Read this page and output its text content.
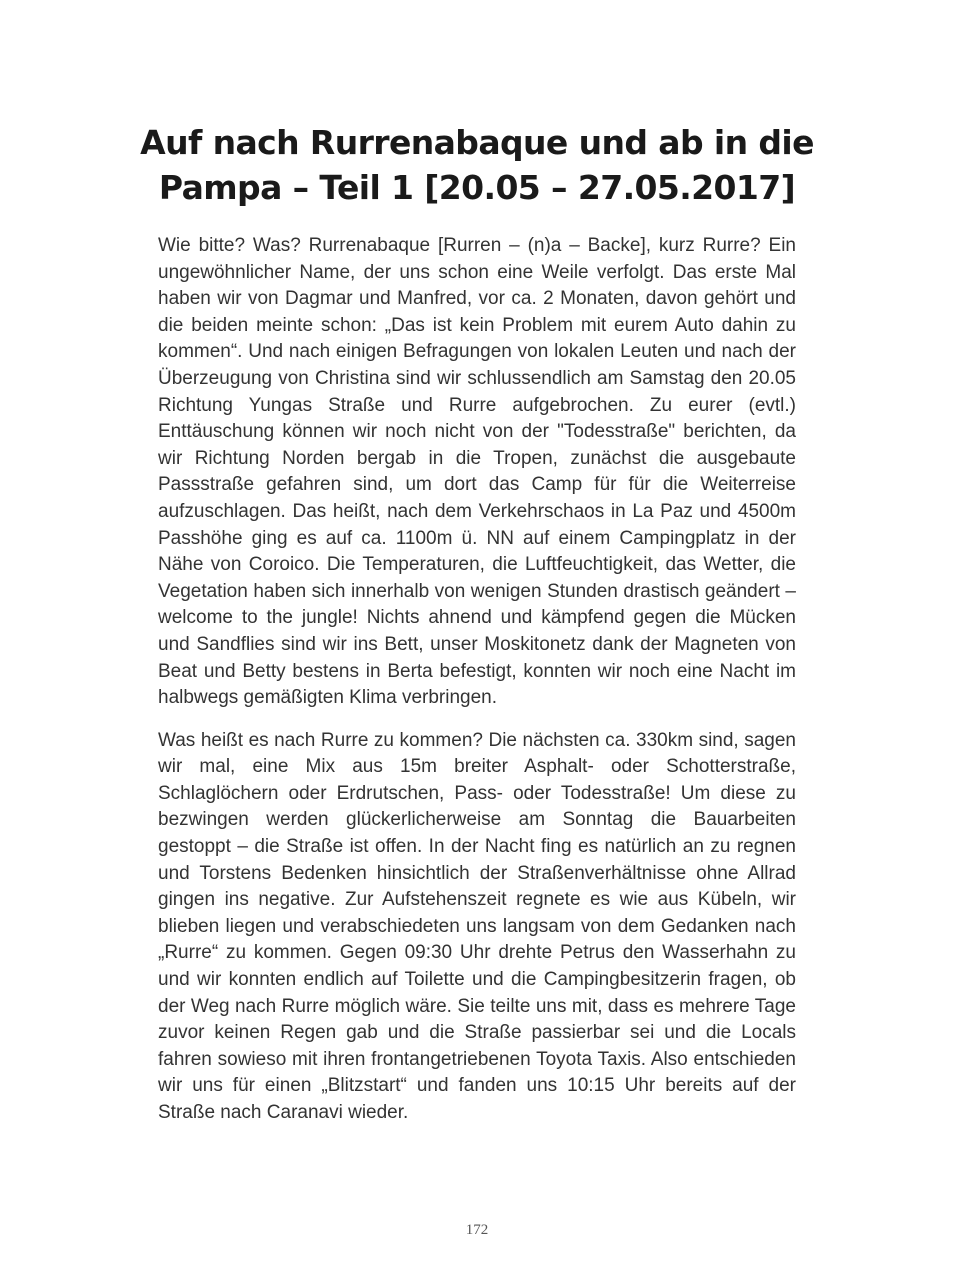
Auf nach Rurrenabaque und ab in die
Pampa – Teil 1 [20.05 – 27.05.2017]

Wie bitte? Was? Rurrenabaque [Rurren – (n)a – Backe], kurz Rurre? Ein ungewöhnlicher Name, der uns schon eine Weile verfolgt. Das erste Mal haben wir von Dagmar und Manfred, vor ca. 2 Monaten, davon gehört und die beiden meinte schon: „Das ist kein Problem mit eurem Auto dahin zu kommen“. Und nach einigen Befragungen von lokalen Leuten und nach der Überzeugung von Christina sind wir schlussendlich am Samstag den 20.05 Richtung Yungas Straße und Rurre aufgebrochen. Zu eurer (evtl.) Enttäuschung können wir noch nicht von der "Todesstraße" berichten, da wir Richtung Norden bergab in die Tropen, zunächst die ausgebaute Passstraße gefahren sind, um dort das Camp für für die Weiterreise aufzuschlagen. Das heißt, nach dem Verkehrschaos in La Paz und 4500m Passhöhe ging es auf ca. 1100m ü. NN auf einem Campingplatz in der Nähe von Coroico. Die Temperaturen, die Luftfeuchtigkeit, das Wetter, die Vegetation haben sich innerhalb von wenigen Stunden drastisch geändert – welcome to the jungle! Nichts ahnend und kämpfend gegen die Mücken und Sandflies sind wir ins Bett, unser Moskitonetz dank der Magneten von Beat und Betty bestens in Berta befestigt, konnten wir noch eine Nacht im halbwegs gemäßigten Klima verbringen.

Was heißt es nach Rurre zu kommen? Die nächsten ca. 330km sind, sagen wir mal, eine Mix aus 15m breiter Asphalt- oder Schotterstraße, Schlaglöchern oder Erdrutschen, Pass- oder Todesstraße! Um diese zu bezwingen werden glückerlicherweise am Sonntag die Bauarbeiten gestoppt – die Straße ist offen. In der Nacht fing es natürlich an zu regnen und Torstens Bedenken hinsichtlich der Straßenverhältnisse ohne Allrad gingen ins negative. Zur Aufstehenszeit regnete es wie aus Kübeln, wir blieben liegen und verabschiedeten uns langsam von dem Gedanken nach „Rurre“ zu kommen. Gegen 09:30 Uhr drehte Petrus den Wasserhahn zu und wir konnten endlich auf Toilette und die Campingbesitzerin fragen, ob der Weg nach Rurre möglich wäre. Sie teilte uns mit, dass es mehrere Tage zuvor keinen Regen gab und die Straße passierbar sei und die Locals fahren sowieso mit ihren frontangetriebenen Toyota Taxis. Also entschieden wir uns für einen „Blitzstart“ und fanden uns 10:15 Uhr bereits auf der Straße nach Caranavi wieder.

172
